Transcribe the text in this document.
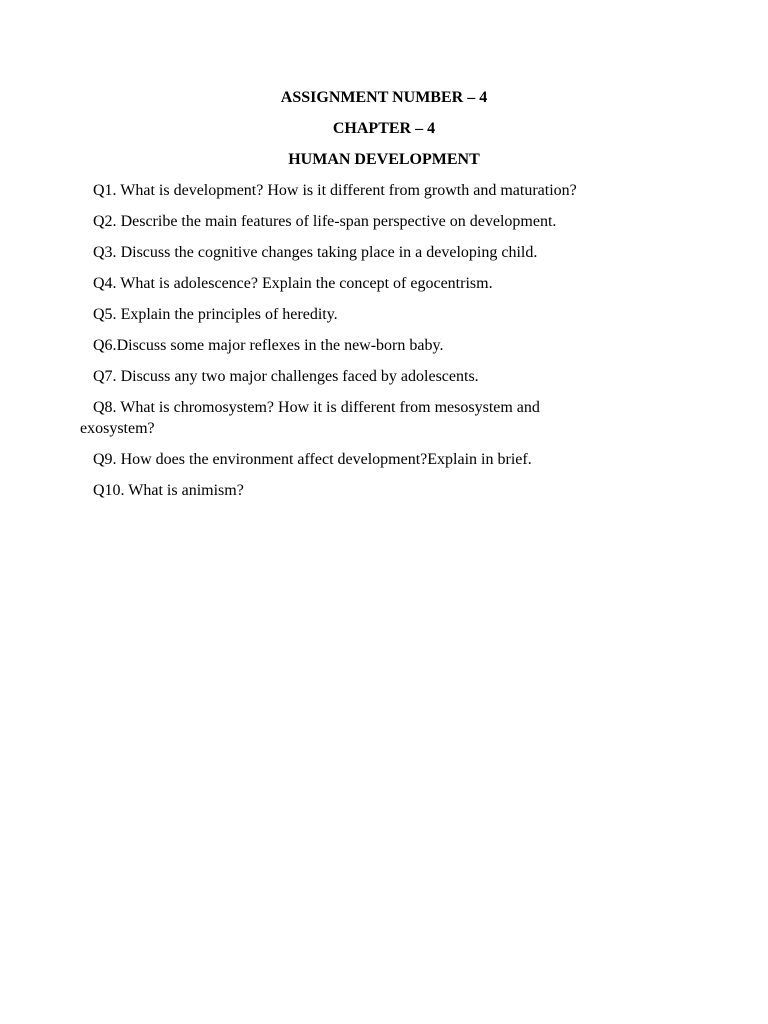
ASSIGNMENT NUMBER – 4
CHAPTER – 4
HUMAN DEVELOPMENT
Q1. What is development? How is it different from growth and maturation?
Q2. Describe the main features of life-span perspective on development.
Q3. Discuss the cognitive changes taking place in a developing child.
Q4. What is adolescence? Explain the concept of egocentrism.
Q5. Explain the principles of heredity.
Q6.Discuss some major reflexes in the new-born baby.
Q7. Discuss any two major challenges faced by adolescents.
Q8. What is chromosystem? How it is different from mesosystem and
exosystem?
Q9. How does the environment affect development?Explain in brief.
Q10. What is animism?
